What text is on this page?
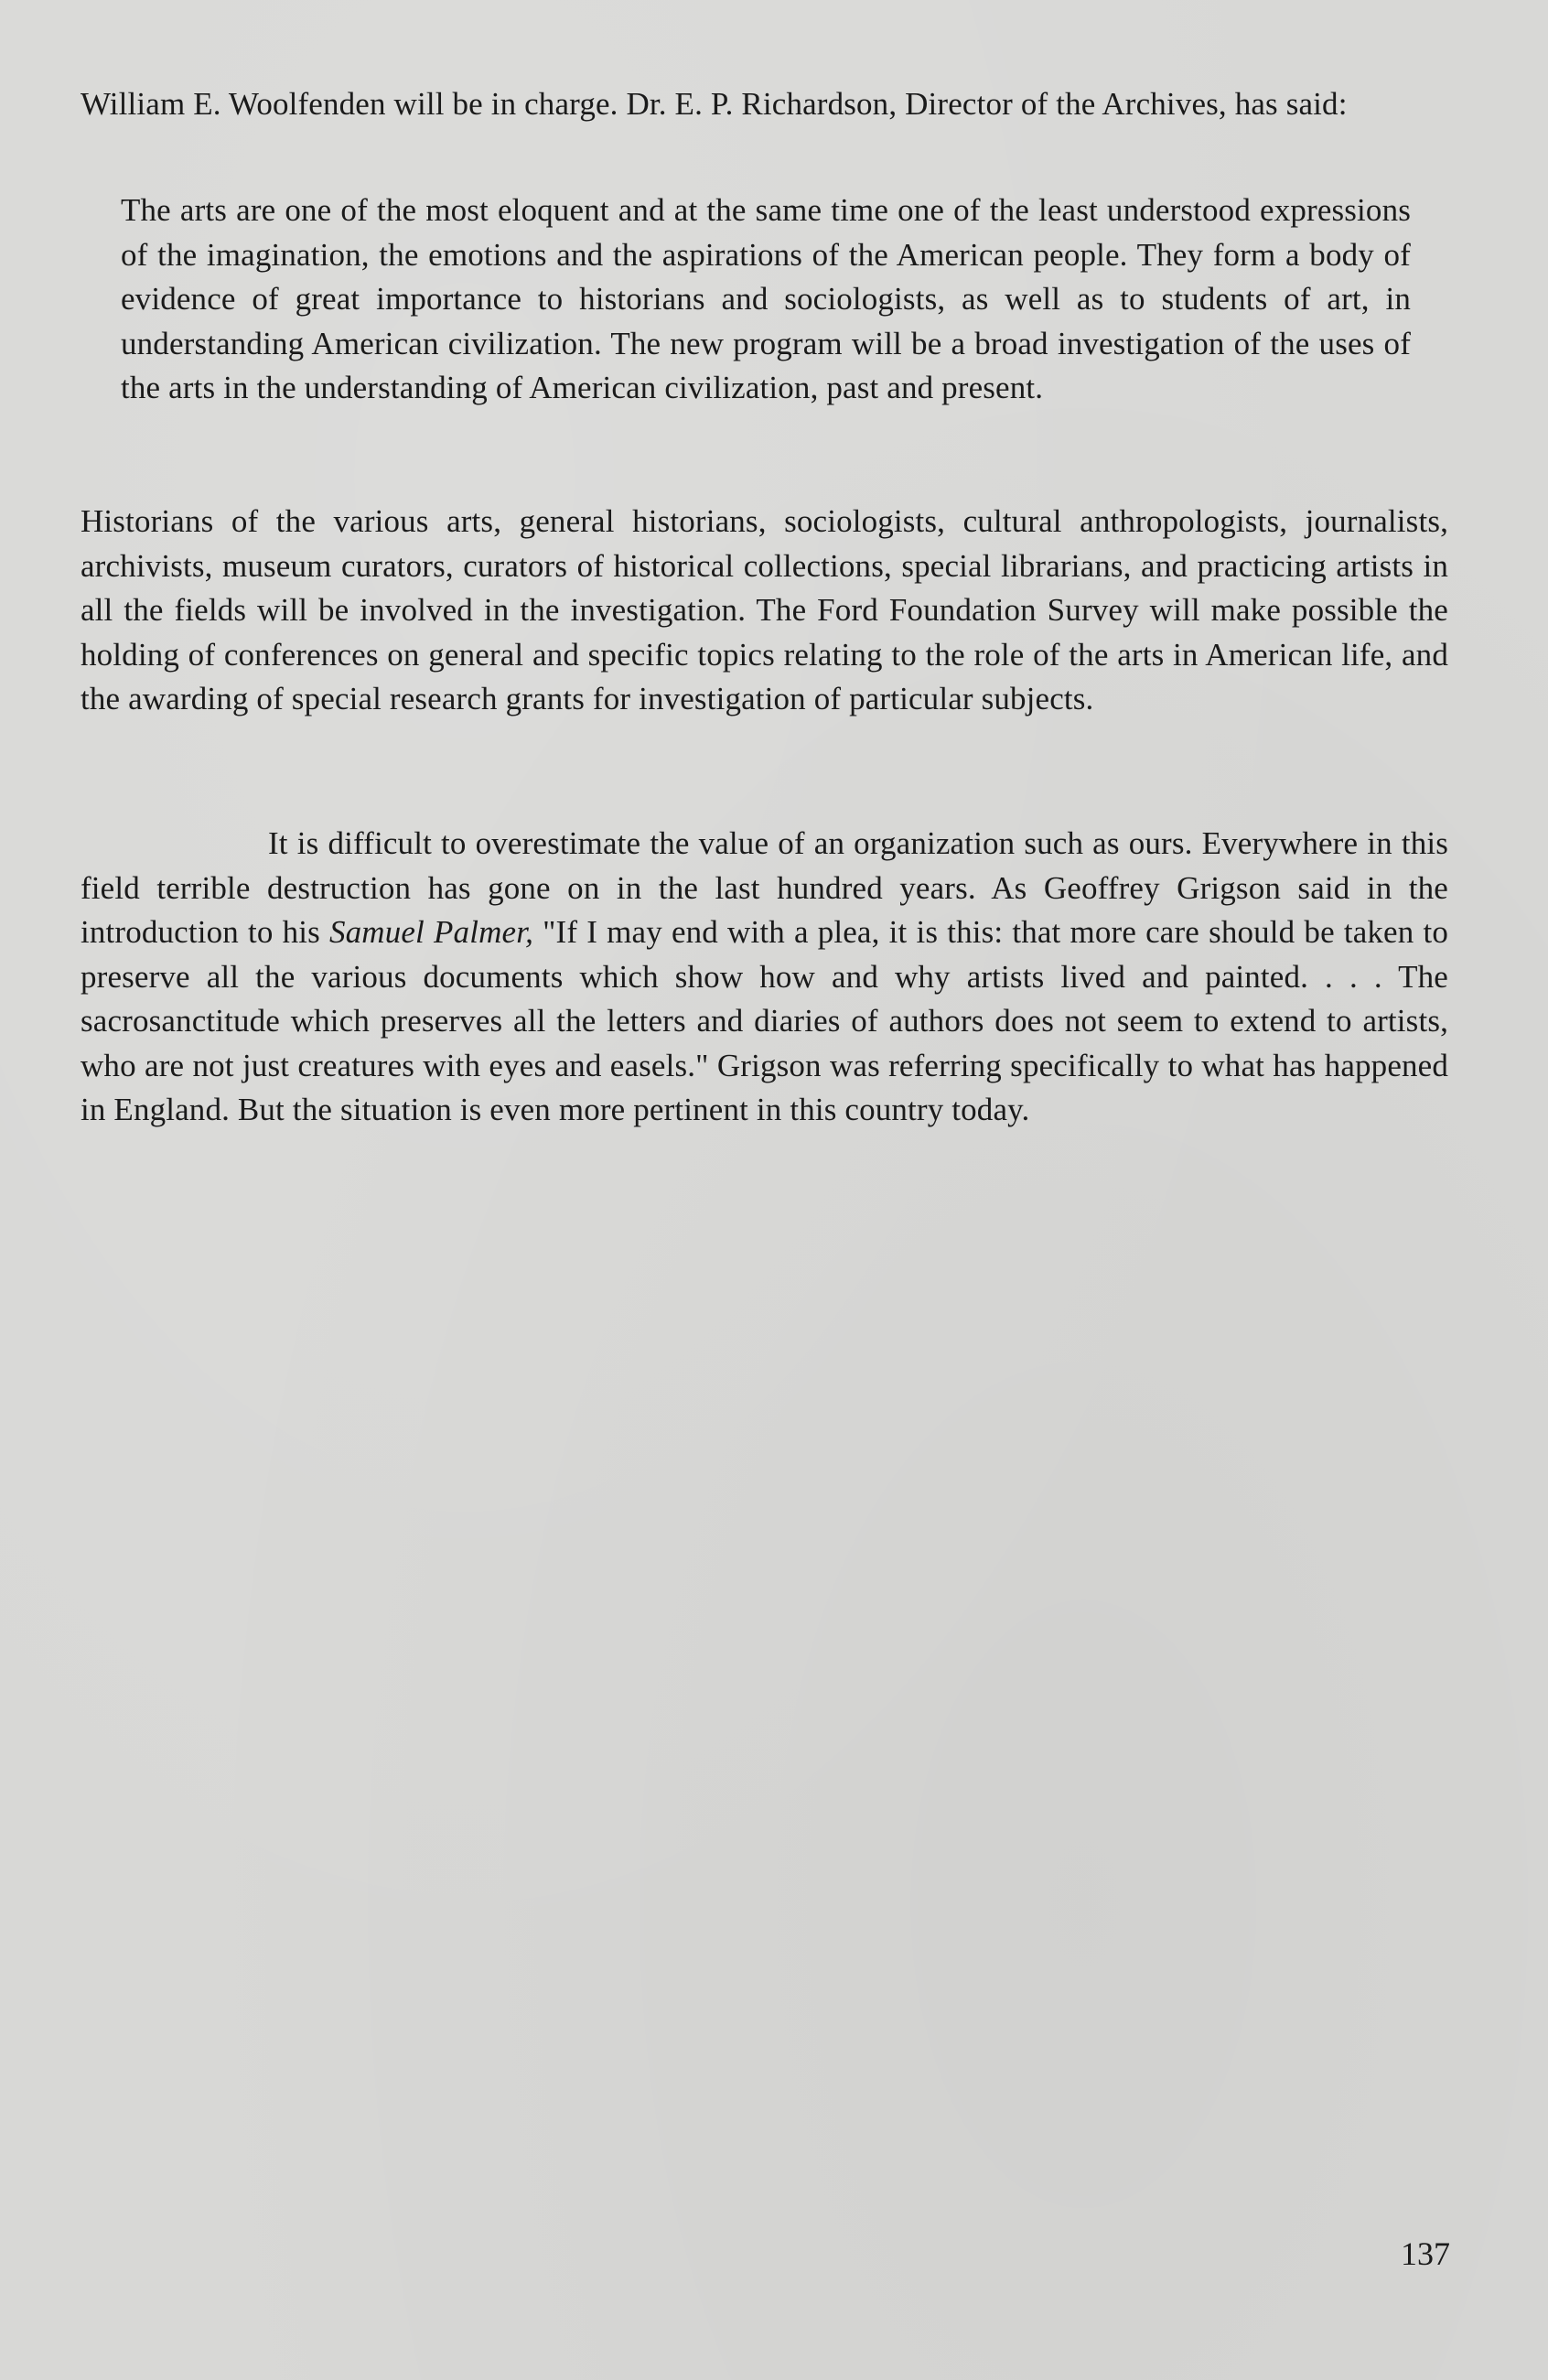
William E. Woolfenden will be in charge. Dr. E. P. Richardson, Director of the Archives, has said:

The arts are one of the most eloquent and at the same time one of the least understood expressions of the imagination, the emotions and the aspirations of the American people. They form a body of evidence of great importance to historians and sociologists, as well as to students of art, in understanding American civilization. The new program will be a broad investigation of the uses of the arts in the understanding of American civilization, past and present.

Historians of the various arts, general historians, sociologists, cultural anthropologists, journalists, archivists, museum curators, curators of historical collections, special librarians, and practicing artists in all the fields will be involved in the investigation. The Ford Foundation Survey will make possible the holding of conferences on general and specific topics relating to the role of the arts in American life, and the awarding of special research grants for investigation of particular subjects.

It is difficult to overestimate the value of an organization such as ours. Everywhere in this field terrible destruction has gone on in the last hundred years. As Geoffrey Grigson said in the introduction to his Samuel Palmer, "If I may end with a plea, it is this: that more care should be taken to preserve all the various documents which show how and why artists lived and painted. . . . The sacrosanctitude which preserves all the letters and diaries of authors does not seem to extend to artists, who are not just creatures with eyes and easels." Grigson was referring specifically to what has happened in England. But the situation is even more pertinent in this country today.

137
